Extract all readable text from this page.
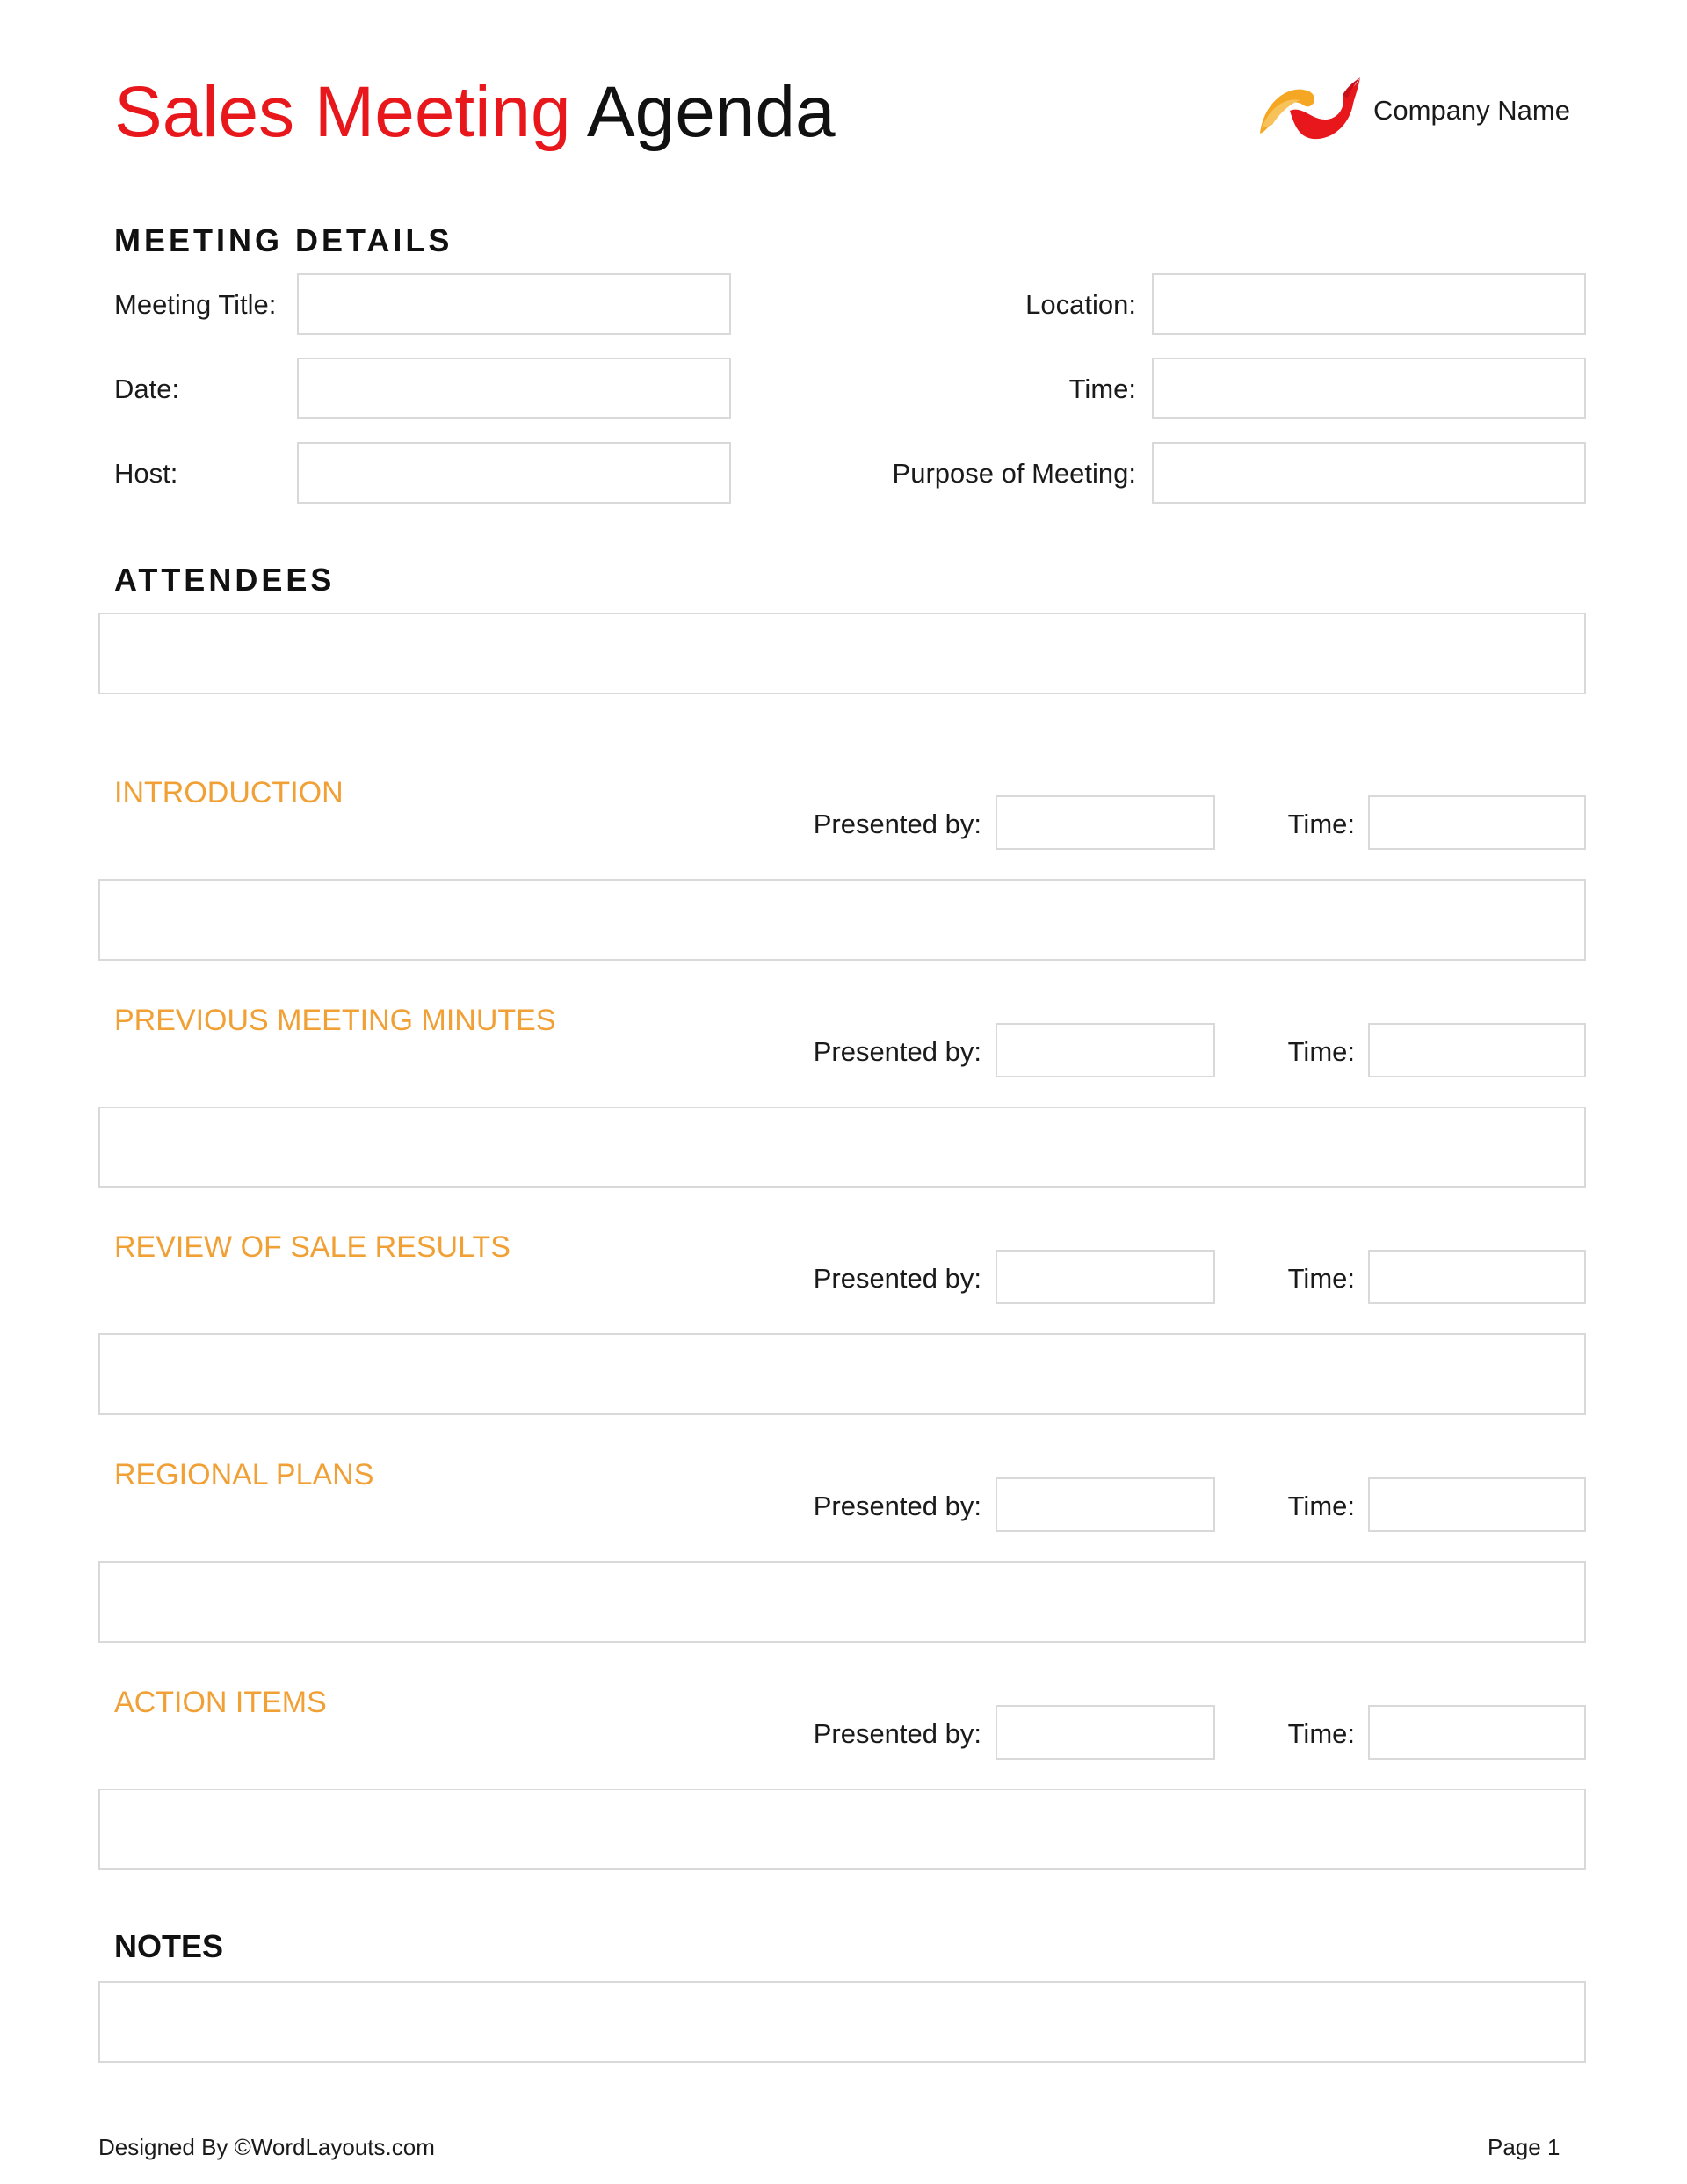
Sales Meeting Agenda	Company Name
MEETING DETAILS
Meeting Title:	Location:
Date:	Time:
Host:	Purpose of Meeting:
ATTENDEES
INTRODUCTION
Presented by:	Time:
PREVIOUS MEETING MINUTES
Presented by:	Time:
REVIEW OF SALE RESULTS
Presented by:	Time:
REGIONAL PLANS
Presented by:	Time:
ACTION ITEMS
Presented by:	Time:
NOTES
Designed By ©WordLayouts.com	Page 1
